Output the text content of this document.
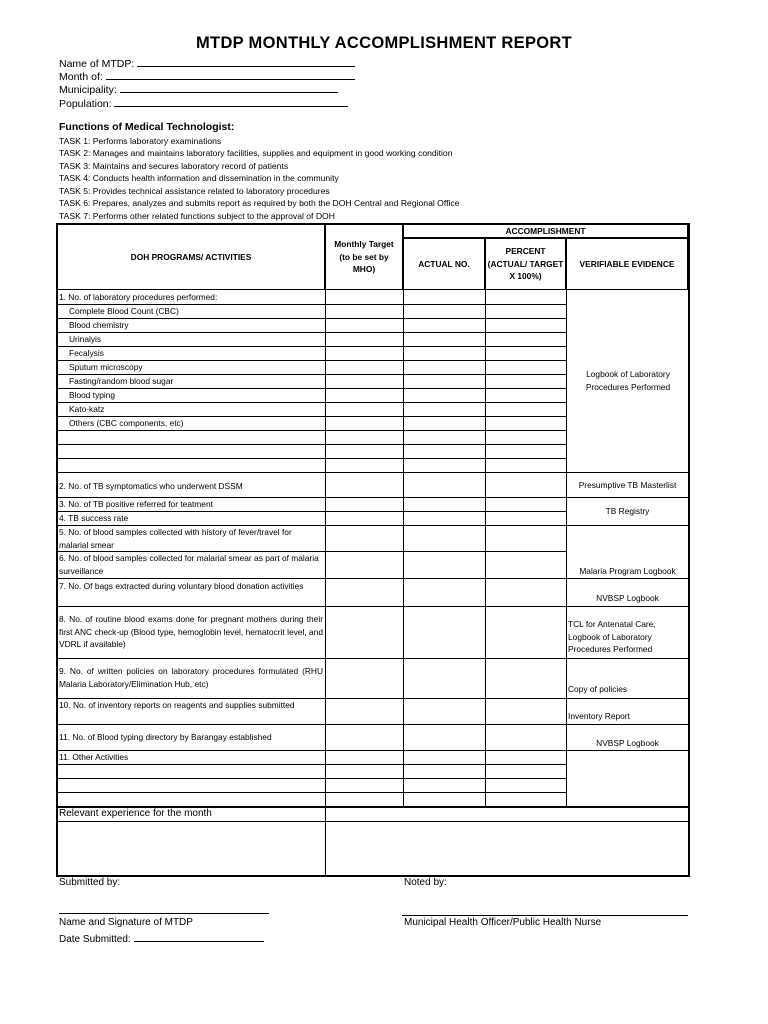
MTDP MONTHLY ACCOMPLISHMENT REPORT
Name of MTDP:
Month of:
Municipality:
Population:
Functions of Medical Technologist:
TASK 1: Performs laboratory examinations
TASK 2: Manages and maintains laboratory facilities, supplies and equipment in good working condition
TASK 3: Maintains and secures laboratory record of patients
TASK 4: Conducts health information and dissemination in the community
TASK 5: Provides technical assistance related to laboratory procedures
TASK 6: Prepares, analyzes and submits report as required by both the DOH Central and Regional Office
TASK 7: Performs other related functions subject to the approval of DOH
DOH PROGRAMS/ ACTIVITIES
Monthly Target (to be set by MHO)
ACCOMPLISHMENT
ACTUAL NO.
PERCENT (ACTUAL/ TARGET X 100%)
VERIFIABLE EVIDENCE
1. No. of laboratory procedures performed:
Complete Blood Count (CBC)
Blood chemistry
Urinalyis
Fecalysis
Sputum microscopy
Fasting/random blood sugar
Blood typing
Kato-katz
Others (CBC components, etc)
2. No. of TB symptomatics who underwent DSSM
3. No. of TB positive referred for teatment
4. TB success rate
5. No. of blood samples collected with history of fever/travel for malarial smear
6. No. of blood samples collected for malarial smear as part of malaria surveillance
7. No. Of bags extracted during voluntary blood donation activities
8. No. of routine blood exams done for pregnant mothers during their first ANC check-up (Blood type, hemoglobin level, hematocrit level, and VDRL if available)
9. No. of written policies on laboratory procedures formulated (RHU Malaria Laboratory/Elimination Hub, etc)
10. No. of inventory reports on reagents and supplies submitted
11. No. of Blood typing directory by Barangay established
11. Other Activities
Logbook of Laboratory Procedures Performed
Presumptive TB Masterlist
TB Registry
Malaria Program Logbook
NVBSP Logbook
TCL for Antenatal Care, Logbook of Laboratory Procedures Performed
Copy of policies
Inventory Report
NVBSP Logbook
Relevant experience for the month
Submitted by:	Noted by:
Name and Signature of MTDP	Municipal Health Officer/Public Health Nurse
Date Submitted:
